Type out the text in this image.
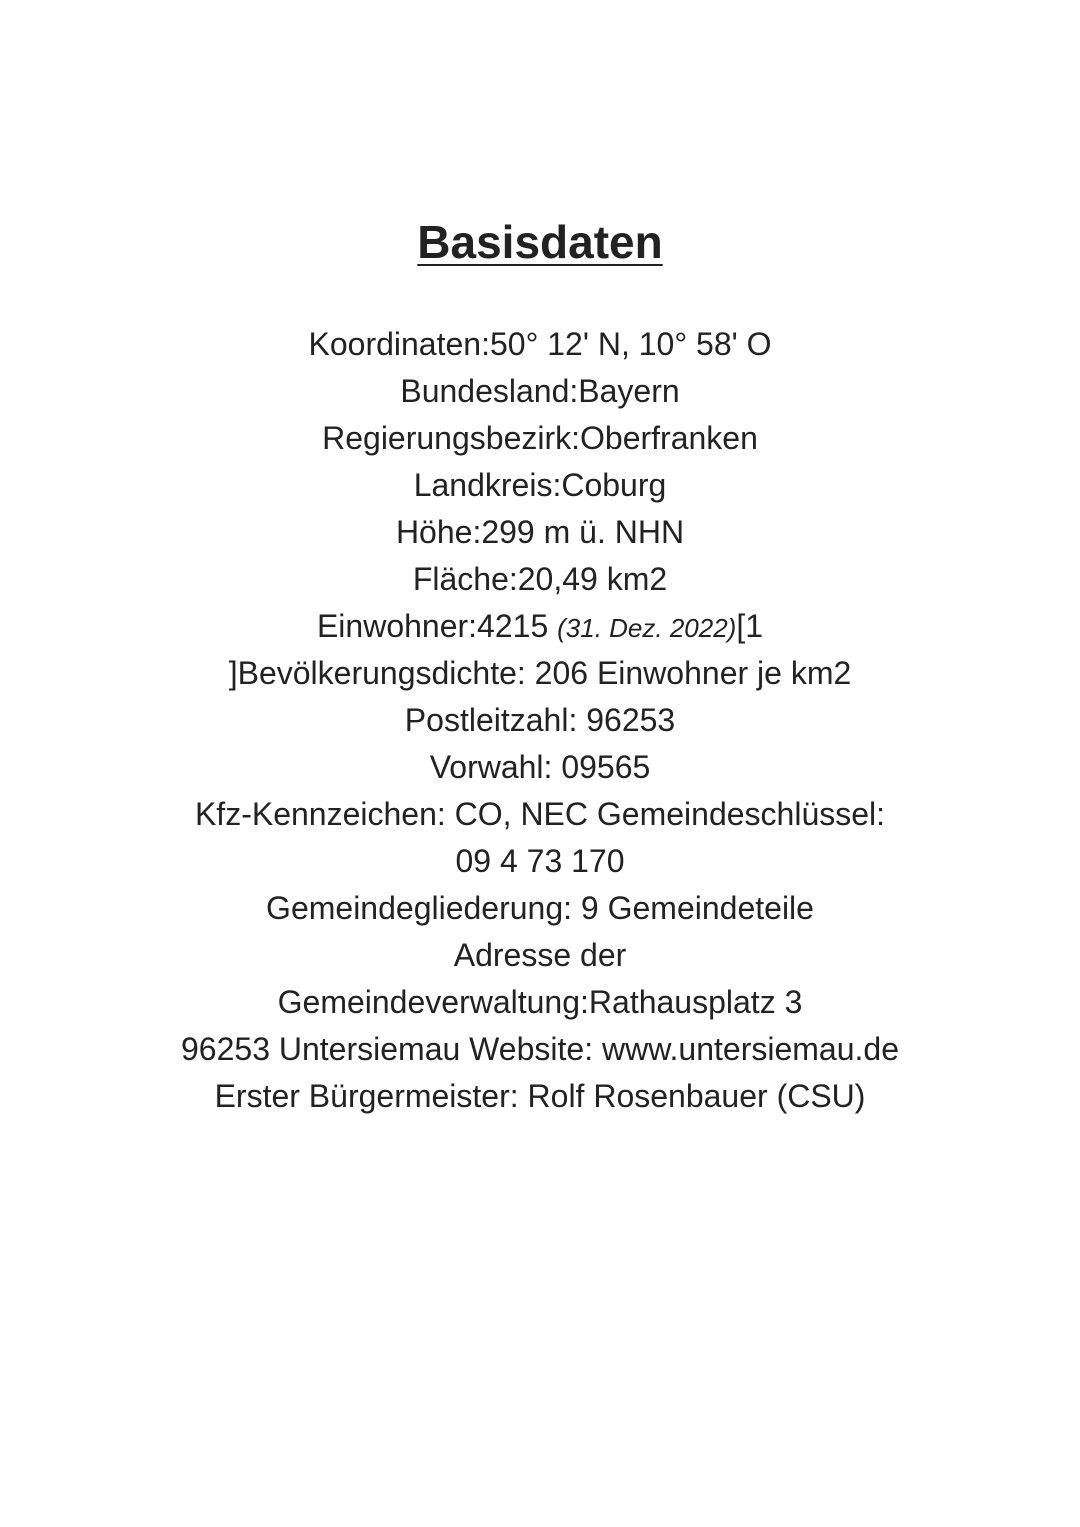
Basisdaten
Koordinaten:50° 12' N, 10° 58' O
Bundesland:Bayern
Regierungsbezirk:Oberfranken
Landkreis:Coburg
Höhe:299 m ü. NHN
Fläche:20,49 km2
Einwohner:4215 (31. Dez. 2022)[1
]Bevölkerungsdichte: 206 Einwohner je km2
Postleitzahl: 96253
Vorwahl: 09565
Kfz-Kennzeichen: CO, NEC Gemeindeschlüssel:
09 4 73 170
Gemeindegliederung: 9 Gemeindeteile
Adresse der
Gemeindeverwaltung:Rathausplatz 3
96253 Untersiemau Website: www.untersiemau.de
Erster Bürgermeister: Rolf Rosenbauer (CSU)
